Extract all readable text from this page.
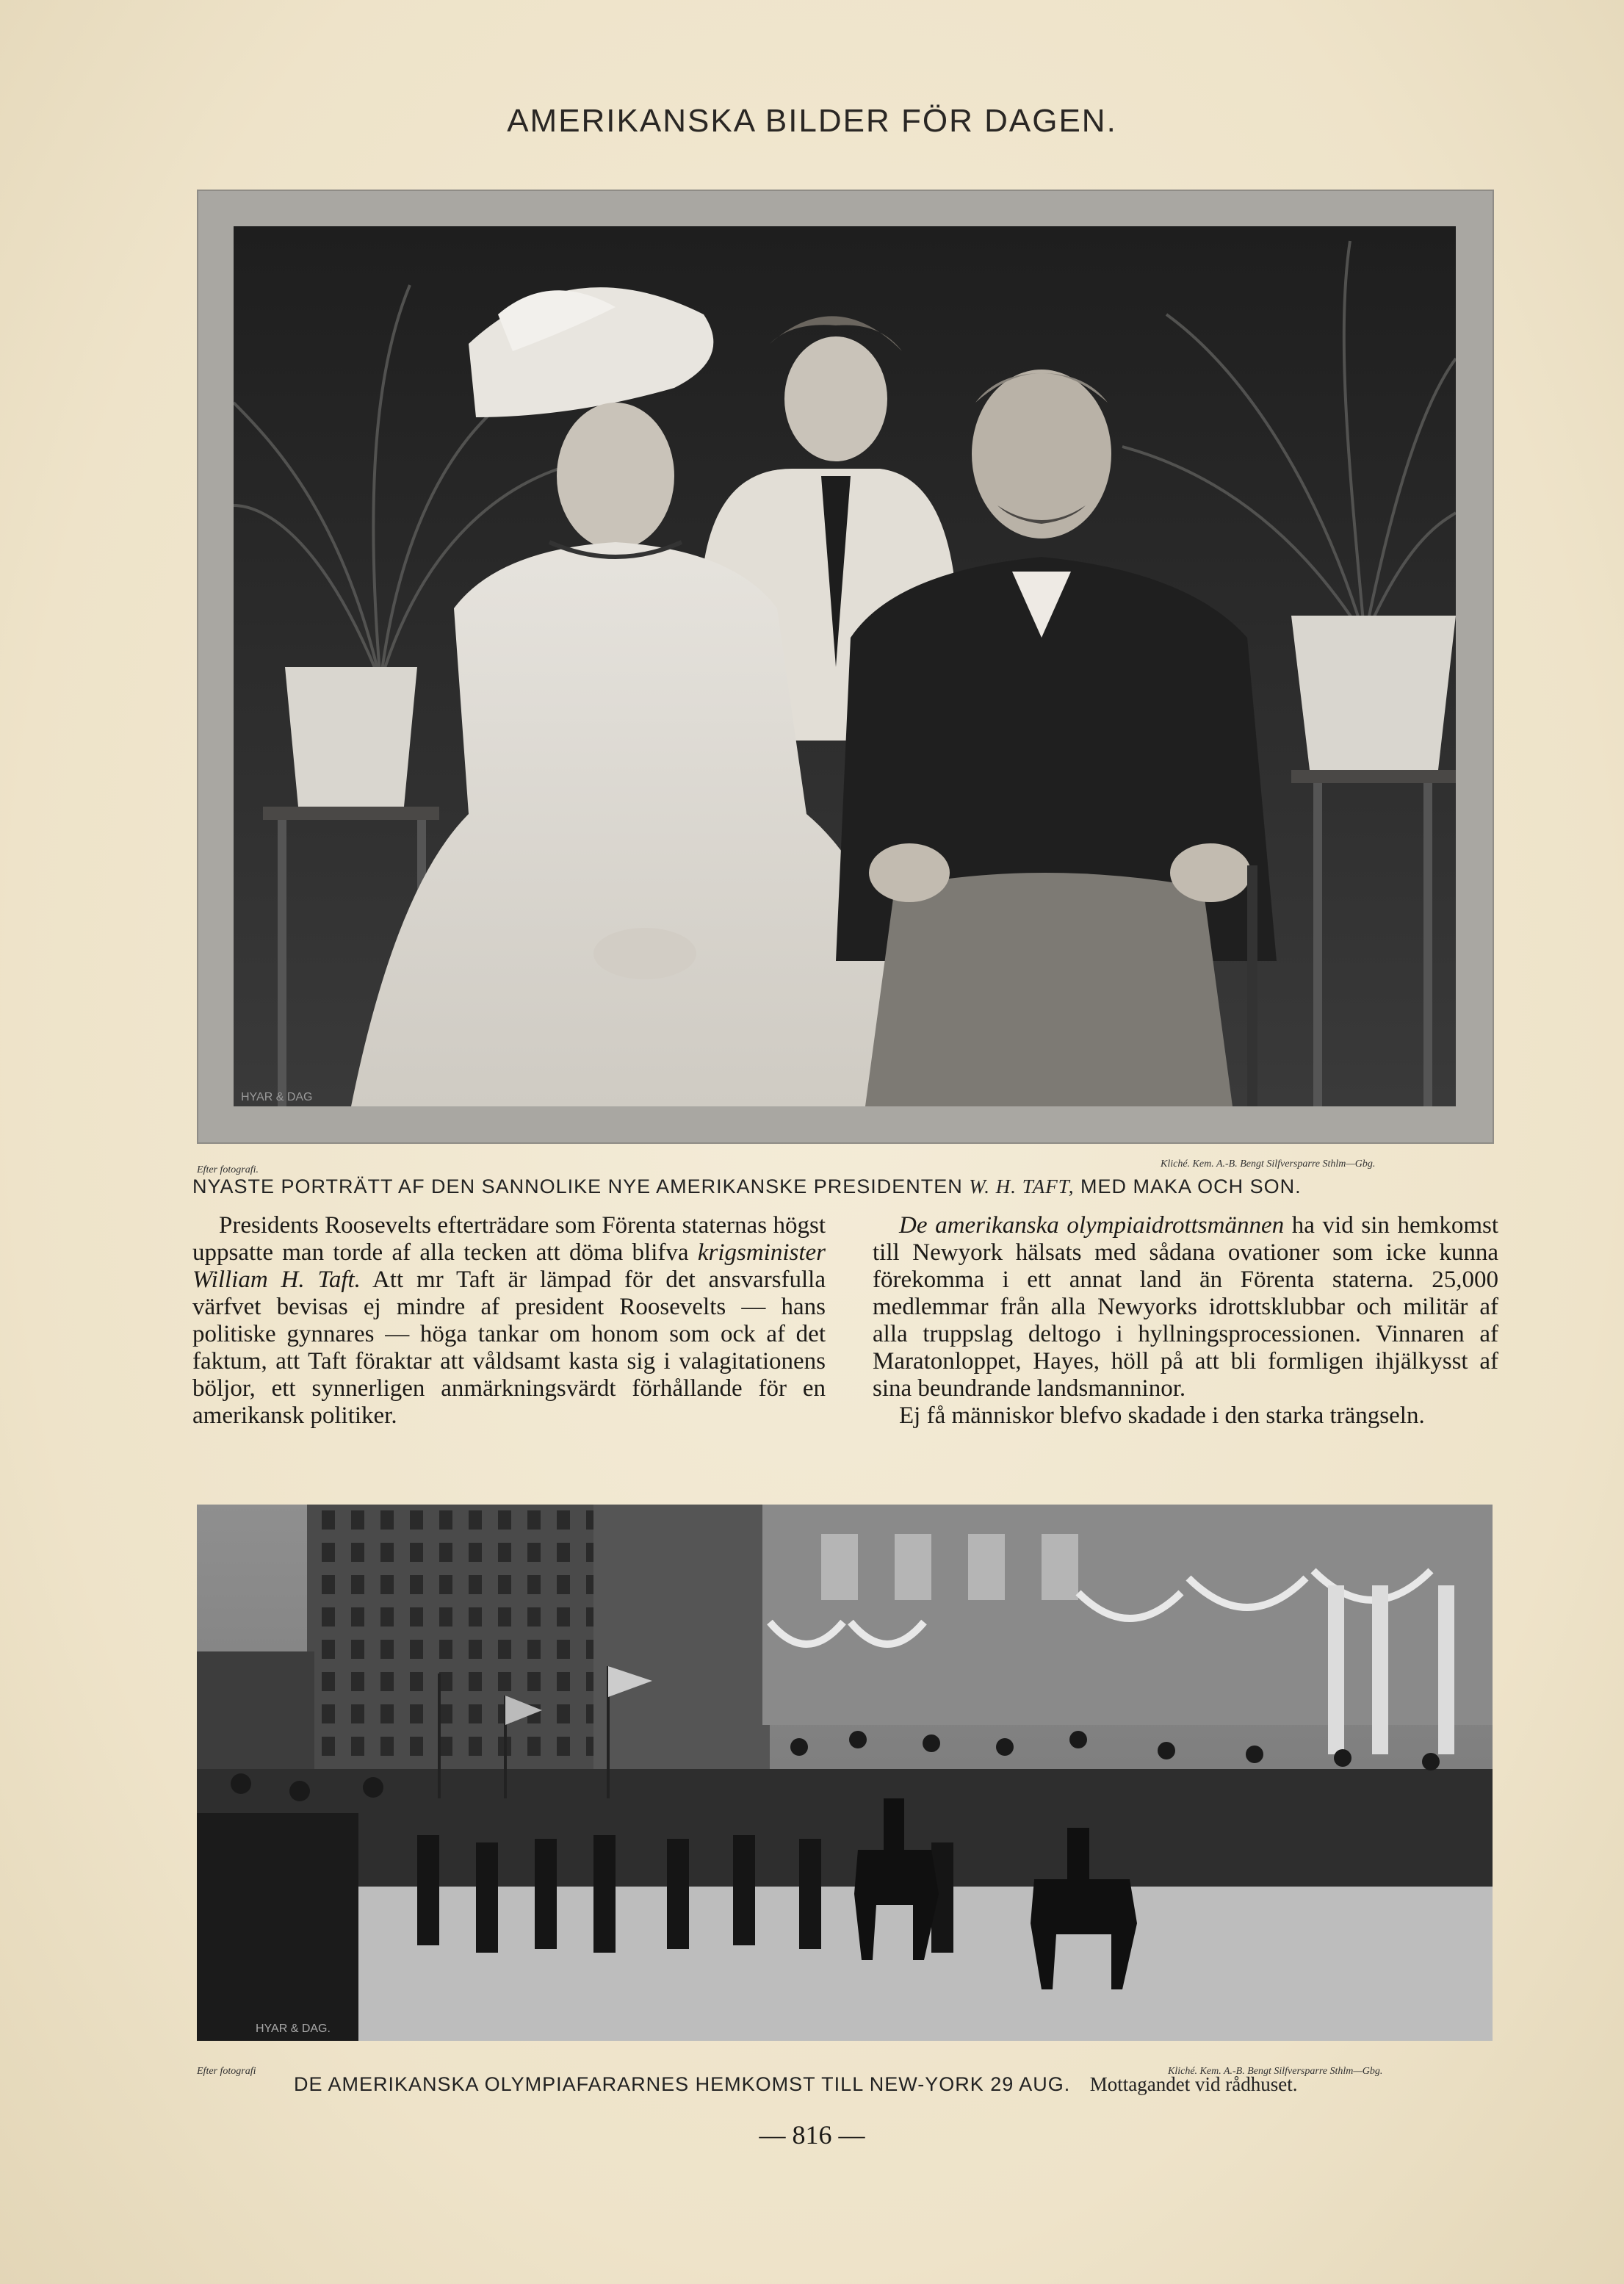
AMERIKANSKA BILDER FÖR DAGEN.
HYAR & DAG
Efter fotografi.
Kliché. Kem. A.-B. Bengt Silfversparre Sthlm—Gbg.
NYASTE PORTRÄTT AF DEN SANNOLIKE NYE AMERIKANSKE PRESIDENTEN W. H. TAFT, MED MAKA OCH SON.

Presidents Roosevelts efterträdare som Förenta staternas högst uppsatte man torde af alla tecken att döma blifva krigsminister William H. Taft. Att mr Taft är lämpad för det ansvarsfulla värfvet bevisas ej mindre af president Roosevelts — hans politiske gynnares — höga tankar om honom som ock af det faktum, att Taft föraktar att våldsamt kasta sig i valagitationens böljor, ett synnerligen anmärkningsvärdt förhållande för en amerikansk politiker.

De amerikanska olympiaidrottsmännen ha vid sin hemkomst till Newyork hälsats med sådana ovationer som icke kunna förekomma i ett annat land än Förenta staterna. 25,000 medlemmar från alla Newyorks idrottsklubbar och militär af alla truppslag deltogo i hyllningsprocessionen. Vinnaren af Maratonloppet, Hayes, höll på att bli formligen ihjälkysst af sina beundrande landsmanninor.

Ej få människor blefvo skadade i den starka trängseln.

HYAR & DAG.
Efter fotografi	Kliché. Kem. A.-B. Bengt Silfversparre Sthlm—Gbg.
DE AMERIKANSKA OLYMPIAFARARNES HEMKOMST TILL NEW-YORK 29 AUG. Mottagandet vid rådhuset.
— 816 —
